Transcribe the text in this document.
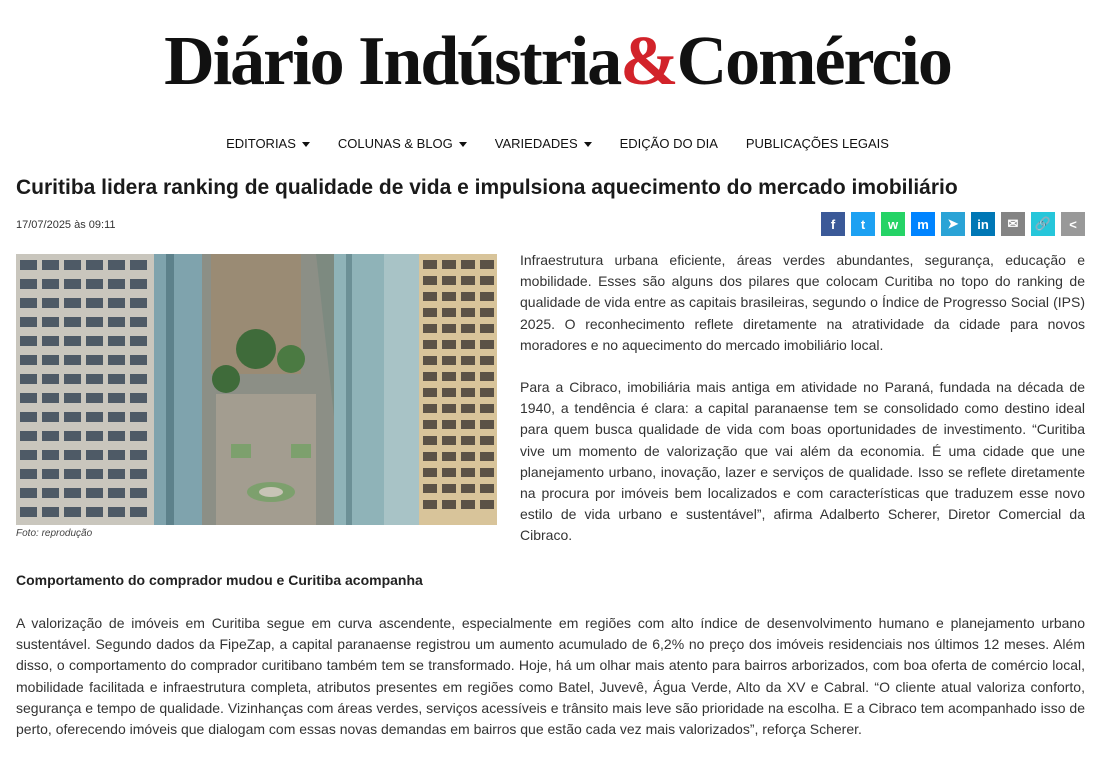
Diário Indústria&Comércio
EDITORIAS	COLUNAS & BLOG	VARIEDADES	EDIÇÃO DO DIA PUBLICAÇÕES LEGAIS
Curitiba lidera ranking de qualidade de vida e impulsiona aquecimento do mercado imobiliário
17/07/2025 às 09:11	f	t	w	m	➤	in	✉	🔗	<
Foto: reprodução

Infraestrutura urbana eficiente, áreas verdes abundantes, segurança, educação e mobilidade. Esses são alguns dos pilares que colocam Curitiba no topo do ranking de qualidade de vida entre as capitais brasileiras, segundo o Índice de Progresso Social (IPS) 2025. O reconhecimento reflete diretamente na atratividade da cidade para novos moradores e no aquecimento do mercado imobiliário local.

Para a Cibraco, imobiliária mais antiga em atividade no Paraná, fundada na década de 1940, a tendência é clara: a capital paranaense tem se consolidado como destino ideal para quem busca qualidade de vida com boas oportunidades de investimento. “Curitiba vive um momento de valorização que vai além da economia. É uma cidade que une planejamento urbano, inovação, lazer e serviços de qualidade. Isso se reflete diretamente na procura por imóveis bem localizados e com características que traduzem esse novo estilo de vida urbano e sustentável”, afirma Adalberto Scherer, Diretor Comercial da Cibraco.

Comportamento do comprador mudou e Curitiba acompanha
A valorização de imóveis em Curitiba segue em curva ascendente, especialmente em regiões com alto índice de desenvolvimento humano e planejamento urbano sustentável. Segundo dados da FipeZap, a capital paranaense registrou um aumento acumulado de 6,2% no preço dos imóveis residenciais nos últimos 12 meses. Além disso, o comportamento do comprador curitibano também tem se transformado. Hoje, há um olhar mais atento para bairros arborizados, com boa oferta de comércio local, mobilidade facilitada e infraestrutura completa, atributos presentes em regiões como Batel, Juvevê, Água Verde, Alto da XV e Cabral. “O cliente atual valoriza conforto, segurança e tempo de qualidade. Vizinhanças com áreas verdes, serviços acessíveis e trânsito mais leve são prioridade na escolha. E a Cibraco tem acompanhado isso de perto, oferecendo imóveis que dialogam com essas novas demandas em bairros que estão cada vez mais valorizados”, reforça Scherer.
